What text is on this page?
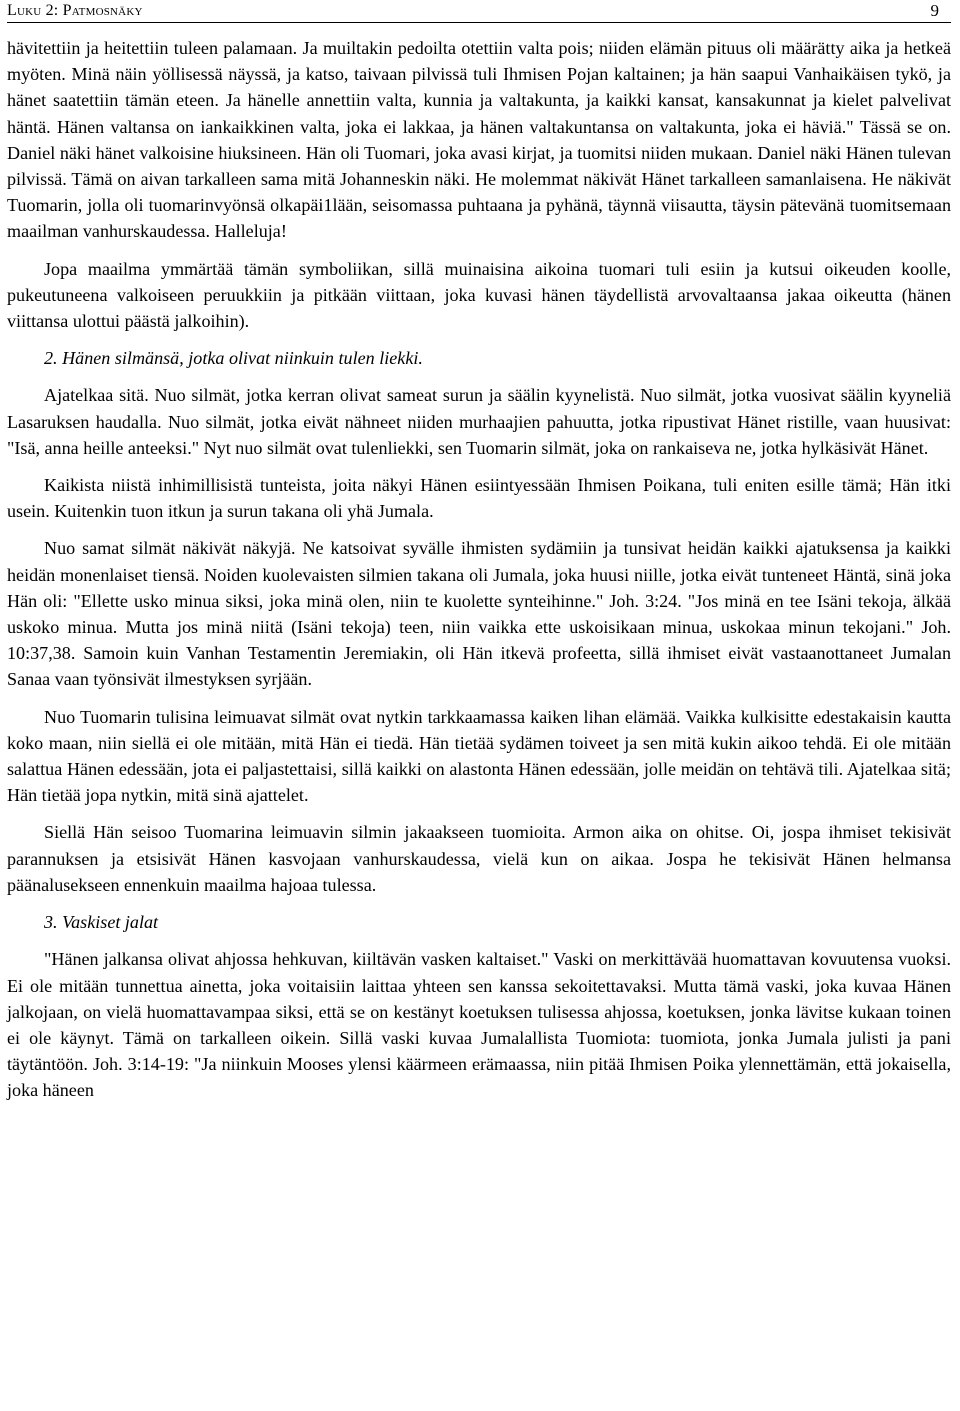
Luku 2: Patmosnäky	9

hävitettiin ja heitettiin tuleen palamaan. Ja muiltakin pedoilta otettiin valta pois; niiden elämän pituus oli määrätty aika ja hetkeä myöten. Minä näin yöllisessä näyssä, ja katso, taivaan pilvissä tuli Ihmisen Pojan kaltainen; ja hän saapui Vanhaikäisen tykö, ja hänet saatettiin tämän eteen. Ja hänelle annettiin valta, kunnia ja valtakunta, ja kaikki kansat, kansakunnat ja kielet palvelivat häntä. Hänen valtansa on iankaikkinen valta, joka ei lakkaa, ja hänen valtakuntansa on valtakunta, joka ei häviä." Tässä se on. Daniel näki hänet valkoisine hiuksineen. Hän oli Tuomari, joka avasi kirjat, ja tuomitsi niiden mukaan. Daniel näki Hänen tulevan pilvissä. Tämä on aivan tarkalleen sama mitä Johanneskin näki. He molemmat näkivät Hänet tarkalleen samanlaisena. He näkivät Tuomarin, jolla oli tuomarinvyönsä olkapäi1lään, seisomassa puhtaana ja pyhänä, täynnä viisautta, täysin pätevänä tuomitsemaan maailman vanhurskaudessa. Halleluja!

Jopa maailma ymmärtää tämän symboliikan, sillä muinaisina aikoina tuomari tuli esiin ja kutsui oikeuden koolle, pukeutuneena valkoiseen peruukkiin ja pitkään viittaan, joka kuvasi hänen täydellistä arvovaltaansa jakaa oikeutta (hänen viittansa ulottui päästä jalkoihin).

2. Hänen silmänsä, jotka olivat niinkuin tulen liekki.

Ajatelkaa sitä. Nuo silmät, jotka kerran olivat sameat surun ja säälin kyynelistä. Nuo silmät, jotka vuosivat säälin kyyneliä Lasaruksen haudalla. Nuo silmät, jotka eivät nähneet niiden murhaajien pahuutta, jotka ripustivat Hänet ristille, vaan huusivat: "Isä, anna heille anteeksi." Nyt nuo silmät ovat tulenliekki, sen Tuomarin silmät, joka on rankaiseva ne, jotka hylkäsivät Hänet.

Kaikista niistä inhimillisistä tunteista, joita näkyi Hänen esiintyessään Ihmisen Poikana, tuli eniten esille tämä; Hän itki usein. Kuitenkin tuon itkun ja surun takana oli yhä Jumala.

Nuo samat silmät näkivät näkyjä. Ne katsoivat syvälle ihmisten sydämiin ja tunsivat heidän kaikki ajatuksensa ja kaikki heidän monenlaiset tiensä. Noiden kuolevaisten silmien takana oli Jumala, joka huusi niille, jotka eivät tunteneet Häntä, sinä joka Hän oli: "Ellette usko minua siksi, joka minä olen, niin te kuolette synteihinne." Joh. 3:24. "Jos minä en tee Isäni tekoja, älkää uskoko minua. Mutta jos minä niitä (Isäni tekoja) teen, niin vaikka ette uskoisikaan minua, uskokaa minun tekojani." Joh. 10:37,38. Samoin kuin Vanhan Testamentin Jeremiakin, oli Hän itkevä profeetta, sillä ihmiset eivät vastaanottaneet Jumalan Sanaa vaan työnsivät ilmestyksen syrjään.

Nuo Tuomarin tulisina leimuavat silmät ovat nytkin tarkkaamassa kaiken lihan elämää. Vaikka kulkisitte edestakaisin kautta koko maan, niin siellä ei ole mitään, mitä Hän ei tiedä. Hän tietää sydämen toiveet ja sen mitä kukin aikoo tehdä. Ei ole mitään salattua Hänen edessään, jota ei paljastettaisi, sillä kaikki on alastonta Hänen edessään, jolle meidän on tehtävä tili. Ajatelkaa sitä; Hän tietää jopa nytkin, mitä sinä ajattelet.

Siellä Hän seisoo Tuomarina leimuavin silmin jakaakseen tuomioita. Armon aika on ohitse. Oi, jospa ihmiset tekisivät parannuksen ja etsisivät Hänen kasvojaan vanhurskaudessa, vielä kun on aikaa. Jospa he tekisivät Hänen helmansa päänalusekseen ennenkuin maailma hajoaa tulessa.

3. Vaskiset jalat

"Hänen jalkansa olivat ahjossa hehkuvan, kiiltävän vasken kaltaiset." Vaski on merkittävää huomattavan kovuutensa vuoksi. Ei ole mitään tunnettua ainetta, joka voitaisiin laittaa yhteen sen kanssa sekoitettavaksi. Mutta tämä vaski, joka kuvaa Hänen jalkojaan, on vielä huomattavampaa siksi, että se on kestänyt koetuksen tulisessa ahjossa, koetuksen, jonka lävitse kukaan toinen ei ole käynyt. Tämä on tarkalleen oikein. Sillä vaski kuvaa Jumalallista Tuomiota: tuomiota, jonka Jumala julisti ja pani täytäntöön. Joh. 3:14-19: "Ja niinkuin Mooses ylensi käärmeen erämaassa, niin pitää Ihmisen Poika ylennettämän, että jokaisella, joka häneen
